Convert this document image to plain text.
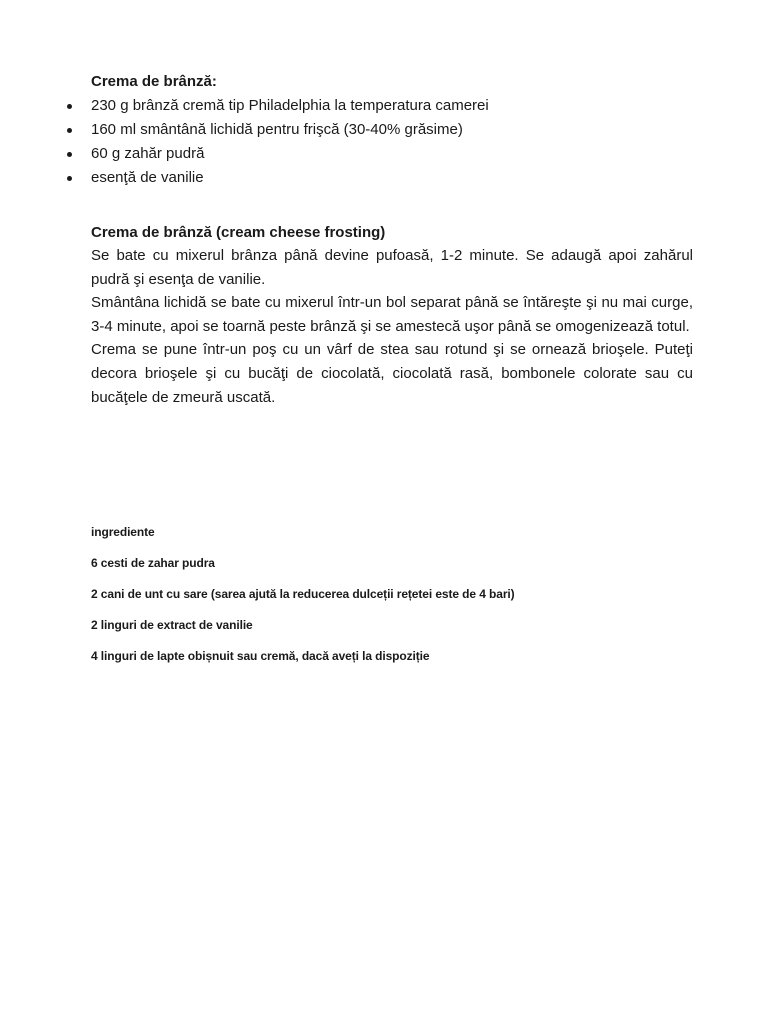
Crema de brânză:

230 g brânză cremă tip Philadelphia la temperatura camerei
160 ml smântână lichidă pentru frişcă (30-40% grăsime)
60 g zahăr pudră
esenţă de vanilie

Crema de brânză (cream cheese frosting)

Se bate cu mixerul brânza până devine pufoasă, 1-2 minute. Se adaugă apoi zahărul pudră şi esenţa de vanilie.

Smântâna lichidă se bate cu mixerul într-un bol separat până se întăreşte şi nu mai curge, 3-4 minute, apoi se toarnă peste brânză şi se amestecă uşor până se omogenizează totul.

Crema se pune într-un poş cu un vârf de stea sau rotund şi se ornează brioşele. Puteţi decora brioşele şi cu bucăţi de ciocolată, ciocolată rasă, bombonele colorate sau cu bucăţele de zmeură uscată.

ingrediente
6 cesti de zahar pudra
2 cani de unt cu sare (sarea ajută la reducerea dulceții rețetei este de 4 bari)
2 linguri de extract de vanilie
4 linguri de lapte obișnuit sau cremă, dacă aveți la dispoziție
